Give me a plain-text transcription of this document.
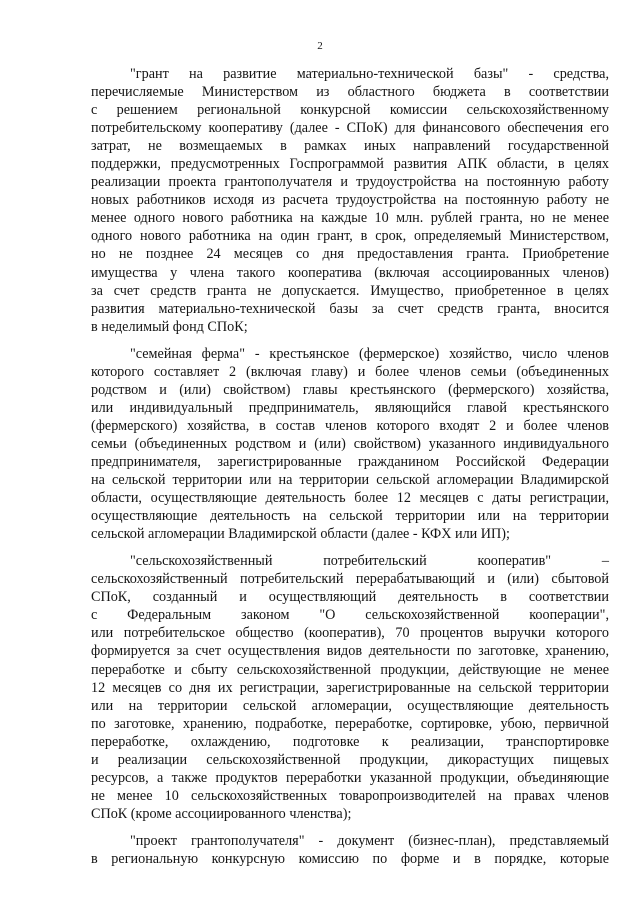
2
"грант на развитие материально-технической базы" - средства,
перечисляемые Министерством из областного бюджета в соответствии
с решением региональной конкурсной комиссии сельскохозяйственному
потребительскому кооперативу (далее - СПоК) для финансового обеспечения его
затрат, не возмещаемых в рамках иных направлений государственной
поддержки, предусмотренных Госпрограммой развития АПК области, в целях
реализации проекта грантополучателя и трудоустройства на постоянную работу
новых работников исходя из расчета трудоустройства на постоянную работу не
менее одного нового работника на каждые 10 млн. рублей гранта, но не менее
одного нового работника на один грант, в срок, определяемый Министерством,
но не позднее 24 месяцев со дня предоставления гранта. Приобретение
имущества у члена такого кооператива (включая ассоциированных членов)
за счет средств гранта не допускается. Имущество, приобретенное в целях
развития материально-технической базы за счет средств гранта, вносится
в неделимый фонд СПоК;
"семейная ферма" - крестьянское (фермерское) хозяйство, число членов
которого составляет 2 (включая главу) и более членов семьи (объединенных
родством и (или) свойством) главы крестьянского (фермерского) хозяйства,
или индивидуальный предприниматель, являющийся главой крестьянского
(фермерского) хозяйства, в состав членов которого входят 2 и более членов
семьи (объединенных родством и (или) свойством) указанного индивидуального
предпринимателя, зарегистрированные гражданином Российской Федерации
на сельской территории или на территории сельской агломерации Владимирской
области, осуществляющие деятельность более 12 месяцев с даты регистрации,
осуществляющие деятельность на сельской территории или на территории
сельской агломерации Владимирской области (далее - КФХ или ИП);
"сельскохозяйственный потребительский кооператив" –
сельскохозяйственный потребительский перерабатывающий и (или) сбытовой
СПоК, созданный и осуществляющий деятельность в соответствии
с Федеральным законом "О сельскохозяйственной кооперации",
или потребительское общество (кооператив), 70 процентов выручки которого
формируется за счет осуществления видов деятельности по заготовке, хранению,
переработке и сбыту сельскохозяйственной продукции, действующие не менее
12 месяцев со дня их регистрации, зарегистрированные на сельской территории
или на территории сельской агломерации, осуществляющие деятельность
по заготовке, хранению, подработке, переработке, сортировке, убою, первичной
переработке, охлаждению, подготовке к реализации, транспортировке
и реализации сельскохозяйственной продукции, дикорастущих пищевых
ресурсов, а также продуктов переработки указанной продукции, объединяющие
не менее 10 сельскохозяйственных товаропроизводителей на правах членов
СПоК (кроме ассоциированного членства);
"проект грантополучателя" - документ (бизнес-план), представляемый
в региональную конкурсную комиссию по форме и в порядке, которые
